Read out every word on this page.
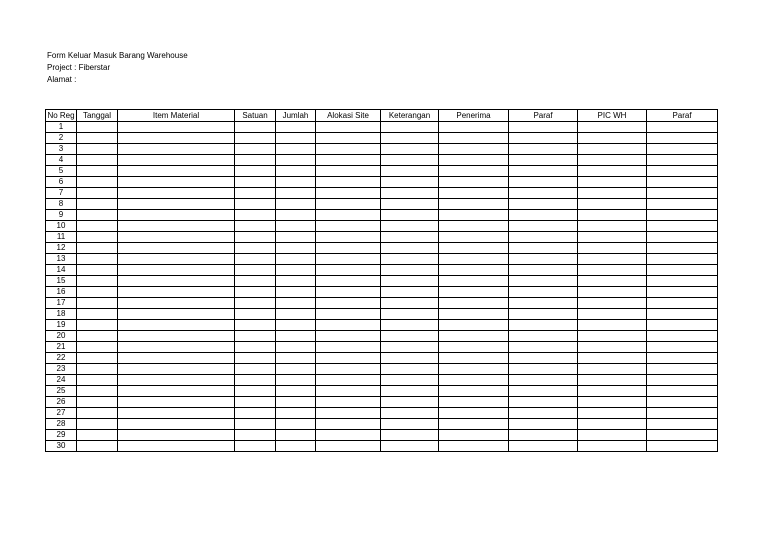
Form Keluar Masuk Barang Warehouse
Project : Fiberstar
Alamat :
No Reg	Tanggal	Item Material	Satuan	Jumlah	Alokasi Site	Keterangan	Penerima	Paraf	PIC WH	Paraf
1										
2										
3										
4										
5										
6										
7										
8										
9										
10										
11										
12										
13										
14										
15										
16										
17										
18										
19										
20										
21										
22										
23										
24										
25										
26										
27										
28										
29										
30										
